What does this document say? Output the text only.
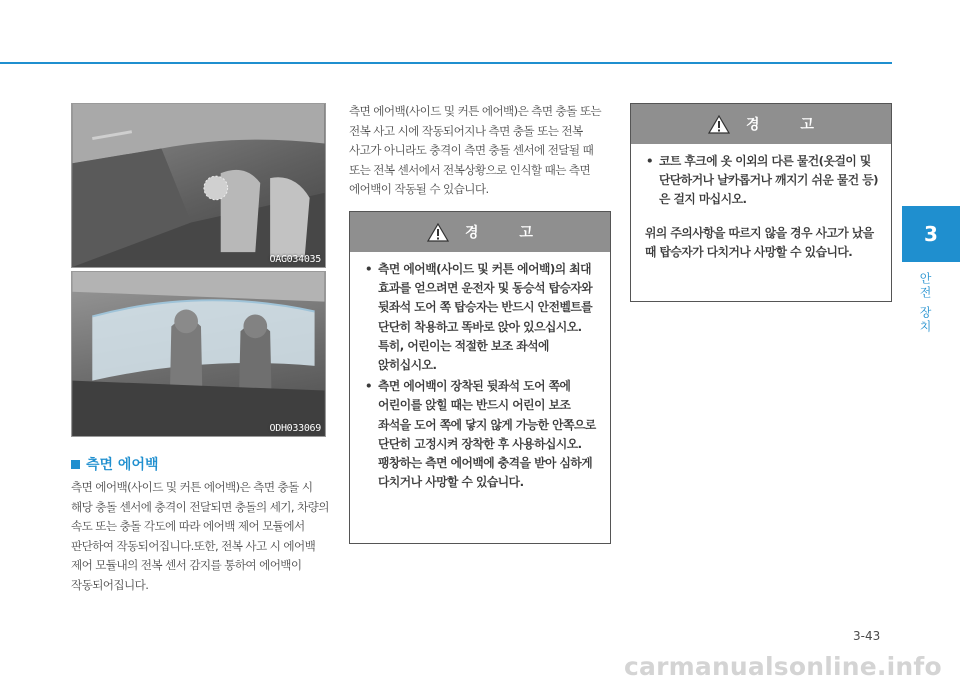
OAG034035
ODH033069
측면 에어백

측면 에어백(사이드 및 커튼 에어백)은 측면 충돌 시 해당 충돌 센서에 충격이 전달되면 충돌의 세기, 차량의 속도 또는 충돌 각도에 따라 에어백 제어 모듈에서 판단하여 작동되어집니다.또한, 전복 사고 시 에어백 제어 모듈내의 전복 센서 감지를 통하여 에어백이 작동되어집니다.

측면 에어백(사이드 및 커튼 에어백)은 측면 충돌 또는 전복 사고 시에 작동되어지나 측면 충돌 또는 전복 사고가 아니라도 충격이 측면 충돌 센서에 전달될 때 또는 전복 센서에서 전복상황으로 인식할 때는 측면 에어백이 작동될 수 있습니다.

경 고
• 측면 에어백(사이드 및 커튼 에어백)의 최대 효과를 얻으려면 운전자 및 동승석 탑승자와 뒷좌석 도어 쪽 탑승자는 반드시 안전벨트를 단단히 착용하고 똑바로 앉아 있으십시오. 특히, 어린이는 적절한 보조 좌석에 앉히십시오.
• 측면 에어백이 장착된 뒷좌석 도어 쪽에 어린이를 앉힐 때는 반드시 어린이 보조 좌석을 도어 쪽에 닿지 않게 가능한 안쪽으로 단단히 고정시켜 장착한 후 사용하십시오. 팽창하는 측면 에어백에 충격을 받아 심하게 다치거나 사망할 수 있습니다.
경 고
• 코트 후크에 옷 이외의 다른 물건(옷걸이 및 단단하거나 날카롭거나 깨지기 쉬운 물건 등)은 걸지 마십시오.

위의 주의사항을 따르지 않을 경우 사고가 났을 때 탑승자가 다치거나 사망할 수 있습니다.

3
안전 장치
3-43
carmanualsonline.info
